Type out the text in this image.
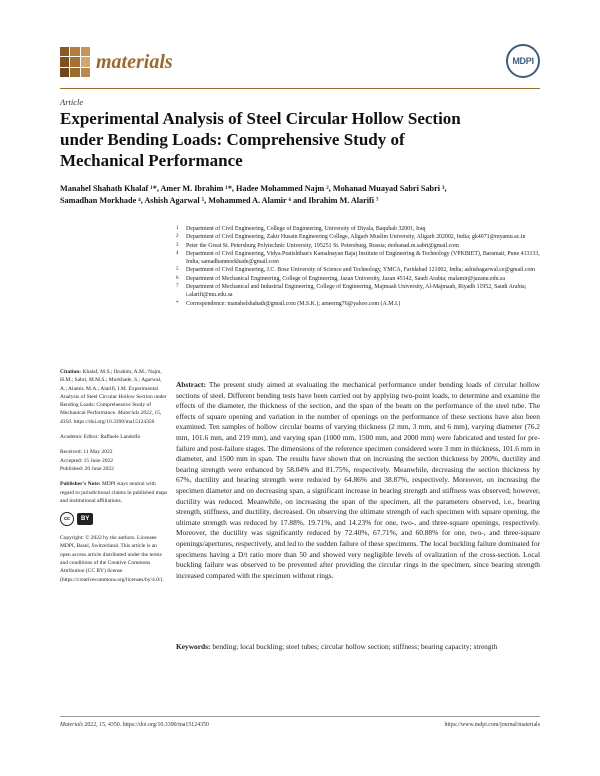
materials	MDPI
Article
Experimental Analysis of Steel Circular Hollow Section under Bending Loads: Comprehensive Study of Mechanical Performance
Manahel Shahath Khalaf ¹*, Amer M. Ibrahim ¹*, Hadee Mohammed Najm ², Mohanad Muayad Sabri Sabri ³,
Samadhan Morkhade ⁴, Ashish Agarwal ⁵, Mohammed A. Alamir ⁶ and Ibrahim M. Alarifi ⁷
1	Department of Civil Engineering, College of Engineering, University of Diyala, Baqubah 32001, Iraq
2	Department of Civil Engineering, Zakir Husain Engineering College, Aligarh Muslim University, Aligarh 202002, India; gk4071@myamu.ac.in
3	Peter the Great St. Petersburg Polytechnic University, 195251 St. Petersburg, Russia; mohanad.m.sabri@gmail.com
4	Department of Civil Engineering, Vidya Pratishthan's Kamalnayan Bajaj Institute of Engineering & Technology (VPKBIET), Baramati, Pune 413133, India; samadhanmorkhade@gmail.com
5	Department of Civil Engineering, J.C. Bose University of Science and Technology, YMCA, Faridabad 121002, India; ashishagarwal.ce@gmail.com
6	Department of Mechanical Engineering, College of Engineering, Jazan University, Jazan 45142, Saudi Arabia; malamir@jazanu.edu.sa
7	Department of Mechanical and Industrial Engineering, College of Engineering, Majmaah University, Al-Majmaah, Riyadh 11952, Saudi Arabia; i.alarifi@mu.edu.sa
*	Correspondence: manahelshahath@gmail.com (M.S.K.); ameerng76@yahoo.com (A.M.I.)

Citation: Khalaf, M.S.; Ibrahim, A.M.; Najm, H.M.; Sabri, M.M.S.; Morkhade, S.; Agarwal, A.; Alamir, M.A.; Alarifi, I.M. Experimental Analysis of Steel Circular Hollow Section under Bending Loads: Comprehensive Study of Mechanical Performance. Materials 2022, 15, 4350. https://doi.org/10.3390/ma15124350

Academic Editor: Raffaele Landolfo

Received: 11 May 2022
Accepted: 15 June 2022
Published: 20 June 2022

Publisher's Note: MDPI stays neutral with regard to jurisdictional claims in published maps and institutional affiliations.

cc	BY

Copyright: © 2022 by the authors. Licensee MDPI, Basel, Switzerland. This article is an open access article distributed under the terms and conditions of the Creative Commons Attribution (CC BY) license (https://creativecommons.org/licenses/by/4.0/).

Abstract: The present study aimed at evaluating the mechanical performance under bending loads of circular hollow sections of steel. Different bending tests have been carried out by applying two-point loads, to determine and examine the effects of the diameter, the thickness of the section, and the span of the beam on the performance of the steel tube. The effects of square opening and variation in the number of openings on the performance of these sections have also been examined. Ten samples of hollow circular beams of varying thickness (2 mm, 3 mm, and 6 mm), varying diameter (76.2 mm, 101.6 mm, and 219 mm), and varying span (1000 mm, 1500 mm, and 2000 mm) were fabricated and tested for pre-failure and post-failure stages. The dimensions of the reference specimen considered were 3 mm in thickness, 101.6 mm in diameter, and 1500 mm in span. The results have shown that on increasing the section thickness by 200%, ductility and bearing strength were enhanced by 58.04% and 81.75%, respectively. Meanwhile, decreasing the section thickness by 67%, ductility and bearing strength were reduced by 64.86% and 38.87%, respectively. Moreover, on increasing the specimen diameter and on decreasing span, a significant increase in bearing strength and stiffness was observed; however, ductility was reduced. Meanwhile, on increasing the span of the specimen, all the parameters observed, i.e., bearing strength, stiffness, and ductility, decreased. On observing the ultimate strength of each specimen with square opening, the ultimate strength was reduced by 17.88%, 19.71%, and 14.23% for one, two-, and three-square openings, respectively. Moreover, the ductility was significantly reduced by 72.40%, 67.71%, and 60.88% for one, two-, and three-square openings/apertures, respectively, and led to the sudden failure of these specimens. The local buckling failure dominated for specimens having a D/t ratio more than 50 and showed very negligible levels of ovalization of the cross-section. Local buckling failure was observed to be prevented after providing the circular rings in the specimen, since bearing strength increased compared with the specimen without rings.
Keywords: bending; local buckling; steel tubes; circular hollow section; stiffness; bearing capacity; strength
Materials 2022, 15, 4350. https://doi.org/10.3390/ma15124350	https://www.mdpi.com/journal/materials
